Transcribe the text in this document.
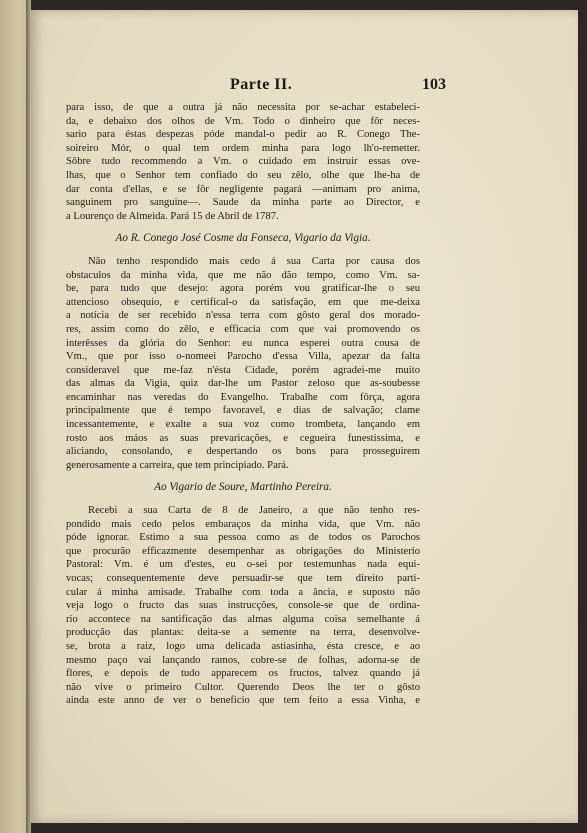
Parte II.	103
para isso, de que a outra já não necessita por se-achar estabeleci-
da, e debaixo dos olhos de Vm. Todo o dinheiro que fôr neces-
sario para éstas despezas póde mandal-o pedir ao R. Conego The-
soireiro Mór, o qual tem ordem minha para logo lh'o-remetter.
Sôbre tudo recommendo a Vm. o cuidado em instruir essas ove-
lhas, que o Senhor tem confiado do seu zêlo, olhe que lhe-ha de
dar conta d'ellas, e se fôr negligente pagará —animam pro anima,
sanguinem pro sanguine—. Saude da minha parte ao Director, e
a Lourenço de Almeida. Pará 15 de Abril de 1787.
Ao R. Conego José Cosme da Fonseca, Vigario da Vigia.
Não tenho respondido mais cedo á sua Carta por causa dos
obstaculos da minha vida, que me não dão tempo, como Vm. sa-
be, para tudo que desejo: agora porém vou gratificar-lhe o seu
attencioso obsequio, e certifical-o da satisfação, em que me-deixa
a notícia de ser recebido n'essa terra com gôsto geral dos morado-
res, assim como do zêlo, e efficacia com que vai promovendo os
interêsses da glória do Senhor: eu nunca esperei outra cousa de
Vm., que por isso o-nomeei Parocho d'essa Villa, apezar da falta
consideravel que me-faz n'ésta Cidade, porém agradei-me muito
das almas da Vigia, quiz dar-lhe um Pastor zeloso que as-soubesse
encaminhar nas veredas do Evangelho. Trabalhe com fôrça, agora
principalmente que é tempo favoravel, e dias de salvação; clame
incessantemente, e exalte a sua voz como trombeta, lançando em
rosto aos máos as suas prevaricações, e cegueira funestissima, e
aliciando, consolando, e despertando os bons para prosseguirem
generosamente a carreira, que tem principiado. Pará.
Ao Vigario de Soure, Martinho Pereira.
Recebi a sua Carta de 8 de Janeiro, a que não tenho res-
pondido mais cedo pelos embaraços da minha vida, que Vm. não
póde ignorar. Estimo a sua pessoa como as de todos os Parochos
que procurão efficazmente desempenhar as obrigações do Ministerio
Pastoral: Vm. é um d'estes, eu o-sei por testemunhas nada equi-
vocas; consequentemente deve persuadir-se que tem direito parti-
cular á minha amisade. Trabalhe com toda a ância, e suposto não
veja logo o fructo das suas instrucções, console-se que de ordina-
rio accontece na santificação das almas alguma coisa semelhante á
producção das plantas: deita-se a semente na terra, desenvolve-
se, brota a raiz, logo uma delicada astiasinha, ésta cresce, e ao
mesmo paço vai lançando ramos, cobre-se de folhas, adorna-se de
flores, e depois de tudo apparecem os fructos, talvez quando já
não vive o primeiro Cultor. Querendo Deos lhe ter o gôsto
ainda este anno de ver o beneficio que tem feito a essa Vinha, e
